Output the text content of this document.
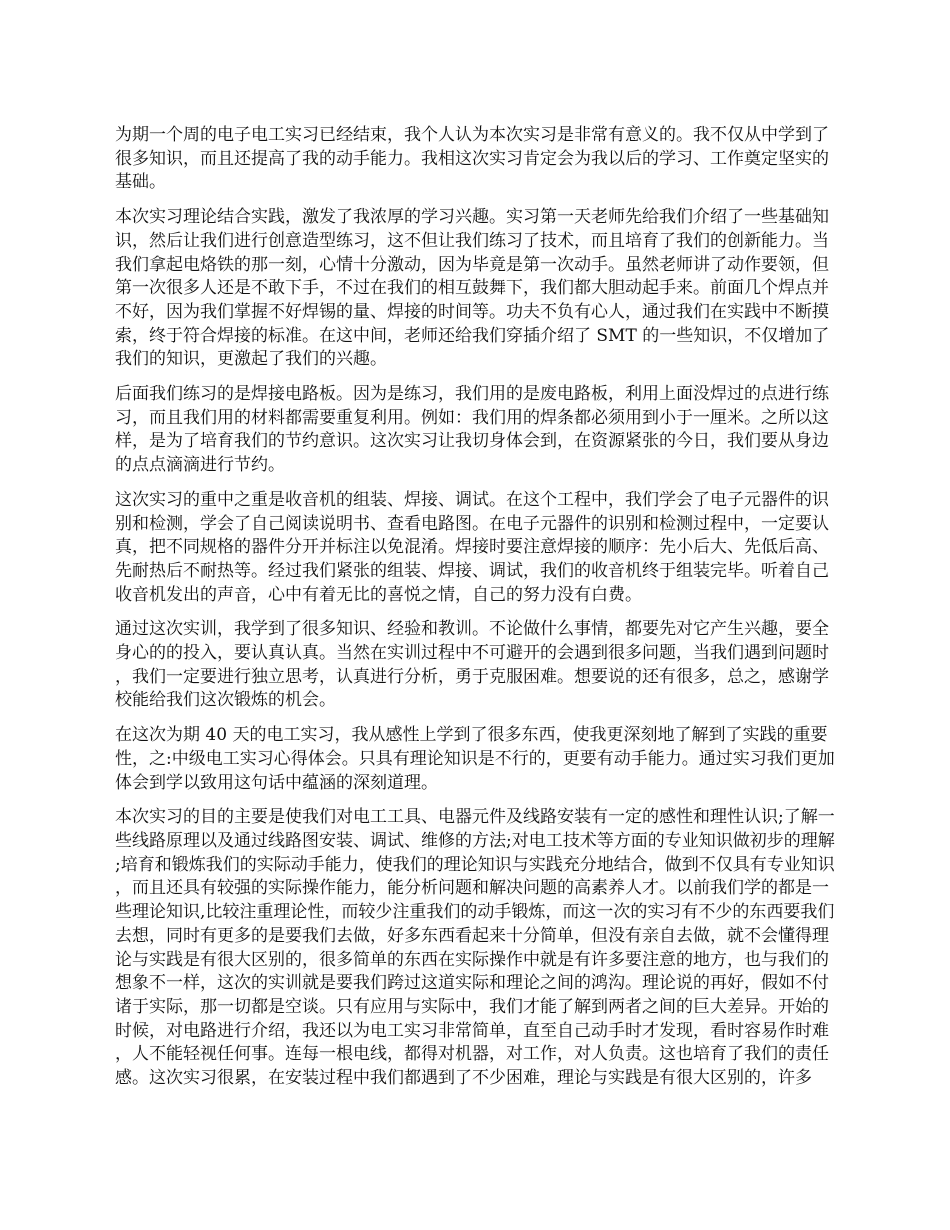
为期一个周的电子电工实习已经结束，我个人认为本次实习是非常有意义的。我不仅从中学到了很多知识，而且还提高了我的动手能力。我相这次实习肯定会为我以后的学习、工作奠定坚实的基础。

本次实习理论结合实践，激发了我浓厚的学习兴趣。实习第一天老师先给我们介绍了一些基础知识，然后让我们进行创意造型练习，这不但让我们练习了技术，而且培育了我们的创新能力。当我们拿起电烙铁的那一刻，心情十分激动，因为毕竟是第一次动手。虽然老师讲了动作要领，但第一次很多人还是不敢下手，不过在我们的相互鼓舞下，我们都大胆动起手来。前面几个焊点并不好，因为我们掌握不好焊锡的量、焊接的时间等。功夫不负有心人，通过我们在实践中不断摸索，终于符合焊接的标准。在这中间，老师还给我们穿插介绍了 SMT 的一些知识，不仅增加了我们的知识，更激起了我们的兴趣。

后面我们练习的是焊接电路板。因为是练习，我们用的是废电路板，利用上面没焊过的点进行练习，而且我们用的材料都需要重复利用。例如：我们用的焊条都必须用到小于一厘米。之所以这样，是为了培育我们的节约意识。这次实习让我切身体会到，在资源紧张的今日，我们要从身边的点点滴滴进行节约。

这次实习的重中之重是收音机的组装、焊接、调试。在这个工程中，我们学会了电子元器件的识别和检测，学会了自己阅读说明书、查看电路图。在电子元器件的识别和检测过程中，一定要认真，把不同规格的器件分开并标注以免混淆。焊接时要注意焊接的顺序：先小后大、先低后高、先耐热后不耐热等。经过我们紧张的组装、焊接、调试，我们的收音机终于组装完毕。听着自己收音机发出的声音，心中有着无比的喜悦之情，自己的努力没有白费。

通过这次实训，我学到了很多知识、经验和教训。不论做什么事情，都要先对它产生兴趣，要全身心的的投入，要认真认真。当然在实训过程中不可避开的会遇到很多问题，当我们遇到问题时，我们一定要进行独立思考，认真进行分析，勇于克服困难。想要说的还有很多，总之，感谢学校能给我们这次锻炼的机会。

在这次为期 40 天的电工实习，我从感性上学到了很多东西，使我更深刻地了解到了实践的重要性，之:中级电工实习心得体会。只具有理论知识是不行的，更要有动手能力。通过实习我们更加体会到学以致用这句话中蕴涵的深刻道理。

本次实习的目的主要是使我们对电工工具、电器元件及线路安装有一定的感性和理性认识;了解一些线路原理以及通过线路图安装、调试、维修的方法;对电工技术等方面的专业知识做初步的理解;培育和锻炼我们的实际动手能力，使我们的理论知识与实践充分地结合，做到不仅具有专业知识，而且还具有较强的实际操作能力，能分析问题和解决问题的高素养人才。以前我们学的都是一些理论知识,比较注重理论性，而较少注重我们的动手锻炼，而这一次的实习有不少的东西要我们去想，同时有更多的是要我们去做，好多东西看起来十分简单，但没有亲自去做，就不会懂得理论与实践是有很大区别的，很多简单的东西在实际操作中就是有许多要注意的地方，也与我们的想象不一样，这次的实训就是要我们跨过这道实际和理论之间的鸿沟。理论说的再好，假如不付诸于实际，那一切都是空谈。只有应用与实际中，我们才能了解到两者之间的巨大差异。开始的时候，对电路进行介绍，我还以为电工实习非常简单，直至自己动手时才发现，看时容易作时难，人不能轻视任何事。连每一根电线，都得对机器，对工作，对人负责。这也培育了我们的责任感。这次实习很累，在安装过程中我们都遇到了不少困难，理论与实践是有很大区别的，许多
